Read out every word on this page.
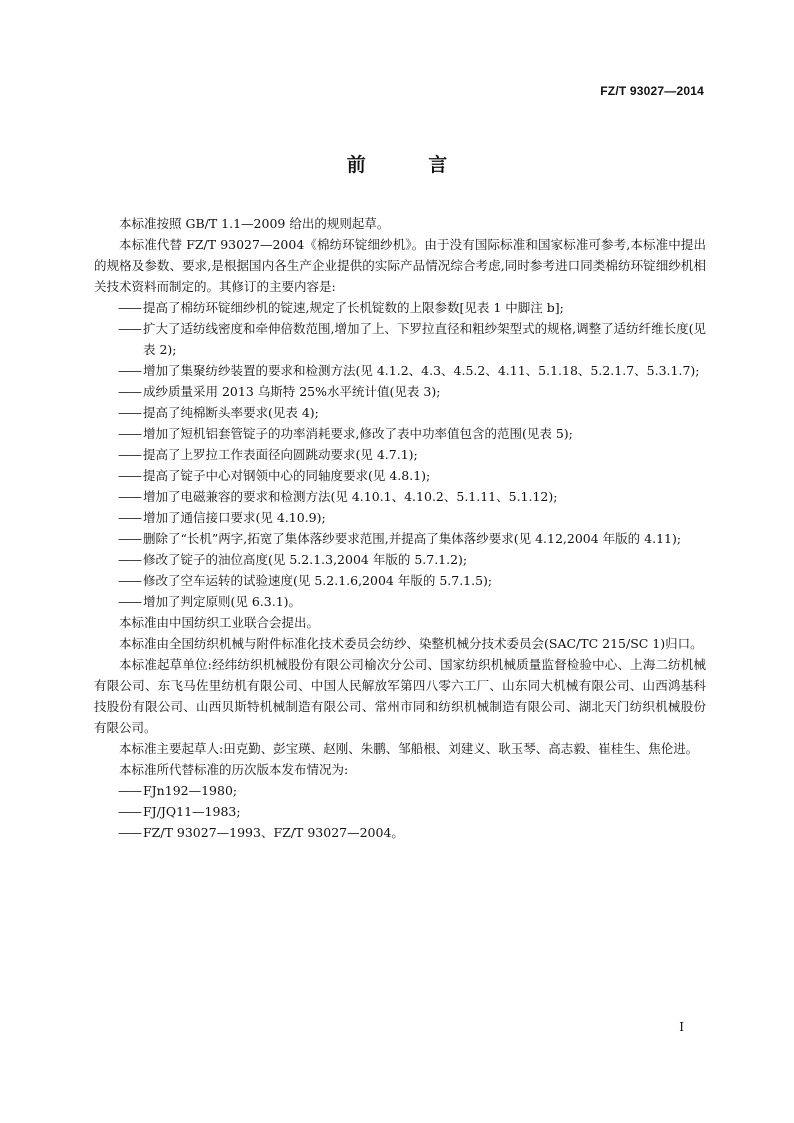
FZ/T 93027—2014
前 言

本标准按照 GB/T 1.1—2009 给出的规则起草。

本标准代替 FZ/T 93027—2004《棉纺环锭细纱机》。由于没有国际标准和国家标准可参考,本标准中提出的规格及参数、要求,是根据国内各生产企业提供的实际产品情况综合考虑,同时参考进口同类棉纺环锭细纱机相关技术资料而制定的。其修订的主要内容是:

—— 提高了棉纺环锭细纱机的锭速,规定了长机锭数的上限参数[见表 1 中脚注 b];

—— 扩大了适纺线密度和牵伸倍数范围,增加了上、下罗拉直径和粗纱架型式的规格,调整了适纺纤维长度(见表 2);

—— 增加了集聚纺纱装置的要求和检测方法(见 4.1.2、4.3、4.5.2、4.11、5.1.18、5.2.1.7、5.3.1.7);

—— 成纱质量采用 2013 乌斯特 25%水平统计值(见表 3);

—— 提高了纯棉断头率要求(见表 4);

—— 增加了短机铝套管锭子的功率消耗要求,修改了表中功率值包含的范围(见表 5);

—— 提高了上罗拉工作表面径向圆跳动要求(见 4.7.1);

—— 提高了锭子中心对钢领中心的同轴度要求(见 4.8.1);

—— 增加了电磁兼容的要求和检测方法(见 4.10.1、4.10.2、5.1.11、5.1.12);

—— 增加了通信接口要求(见 4.10.9);

—— 删除了“长机”两字,拓宽了集体落纱要求范围,并提高了集体落纱要求(见 4.12,2004 年版的 4.11);

—— 修改了锭子的油位高度(见 5.2.1.3,2004 年版的 5.7.1.2);

—— 修改了空车运转的试验速度(见 5.2.1.6,2004 年版的 5.7.1.5);

—— 增加了判定原则(见 6.3.1)。

本标准由中国纺织工业联合会提出。

本标准由全国纺织机械与附件标准化技术委员会纺纱、染整机械分技术委员会(SAC/TC 215/SC 1)归口。

本标准起草单位:经纬纺织机械股份有限公司榆次分公司、国家纺织机械质量监督检验中心、上海二纺机械有限公司、东飞马佐里纺机有限公司、中国人民解放军第四八零六工厂、山东同大机械有限公司、山西鸿基科技股份有限公司、山西贝斯特机械制造有限公司、常州市同和纺织机械制造有限公司、湖北天门纺织机械股份有限公司。

本标准主要起草人:田克勤、彭宝瑛、赵刚、朱鹏、邹船根、刘建义、耿玉琴、高志毅、崔桂生、焦伦进。

本标准所代替标准的历次版本发布情况为:

—— FJn192—1980;

—— FJ/JQ11—1983;

—— FZ/T 93027—1993、FZ/T 93027—2004。

I
